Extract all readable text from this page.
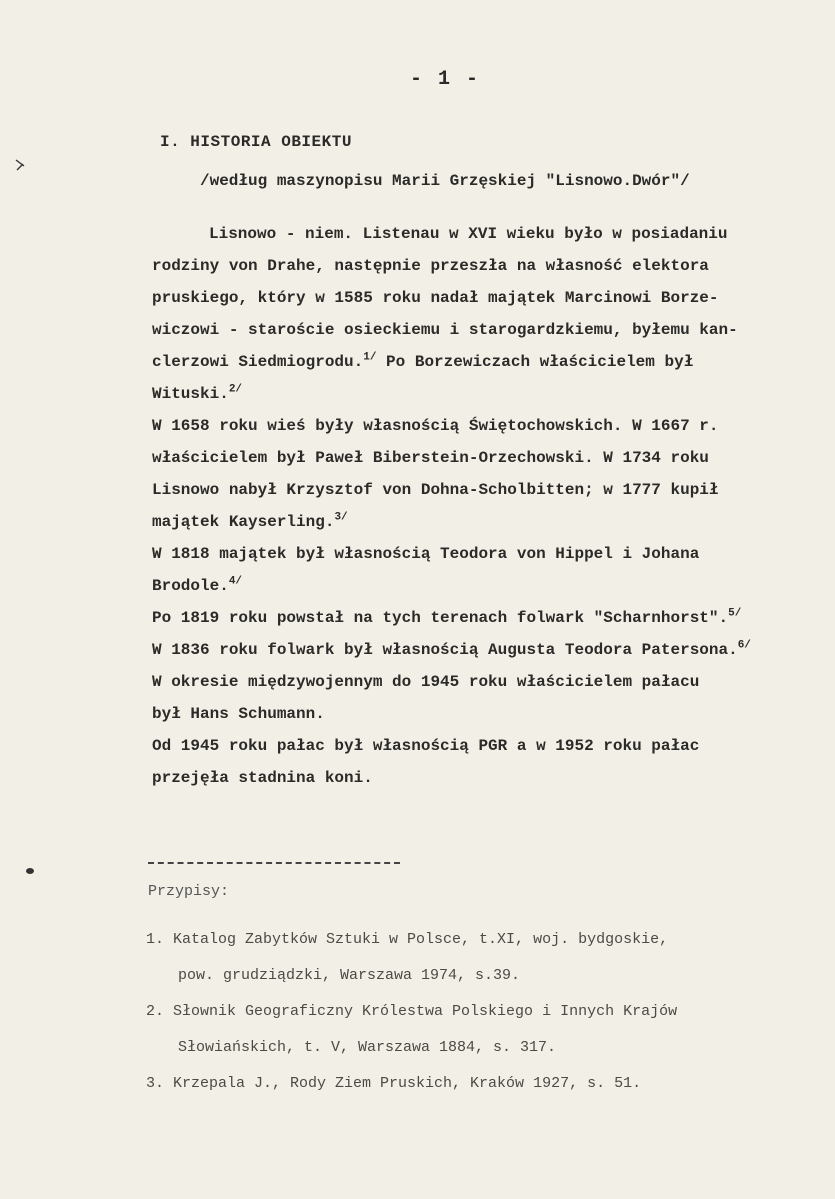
- 1 -
I. HISTORIA OBIEKTU
/według maszynopisu Marii Grzęskiej "Lisnowo.Dwór"/
Lisnowo - niem. Listenau w XVI wieku było w posiadaniu
rodziny von Drahe, następnie przeszła na własność elektora
pruskiego, który w 1585 roku nadał majątek Marcinowi Borze-
wiczowi - staroście osieckiemu i starogardzkiemu, byłemu kan-
clerzowi Siedmiogrodu.$^{1/}$ Po Borzewiczach właścicielem był
Wituski.$^{2/}$
W 1658 roku wieś były własnością Świętochowskich. W 1667 r.
właścicielem był Paweł Biberstein-Orzechowski. W 1734 roku
Lisnowo nabył Krzysztof von Dohna-Scholbitten; w 1777 kupił
majątek Kayserling.$^{3/}$
W 1818 majątek był własnością Teodora von Hippel i Johana
Brodole.$^{4/}$
Po 1819 roku powstał na tych terenach folwark "Scharnhorst".$^{5/}$
W 1836 roku folwark był własnością Augusta Teodora Patersona.$^{6/}$
W okresie międzywojennym do 1945 roku właścicielem pałacu
był Hans Schumann.
Od 1945 roku pałac był własnością PGR a w 1952 roku pałac
przejęła stadnina koni.
Przypisy:
1. Katalog Zabytków Sztuki w Polsce, t.XI, woj. bydgoskie,
pow. grudziądzki, Warszawa 1974, s.39.
2. Słownik Geograficzny Królestwa Polskiego i Innych Krajów
Słowiańskich, t. V, Warszawa 1884, s. 317.
3. Krzepala J., Rody Ziem Pruskich, Kraków 1927, s. 51.
